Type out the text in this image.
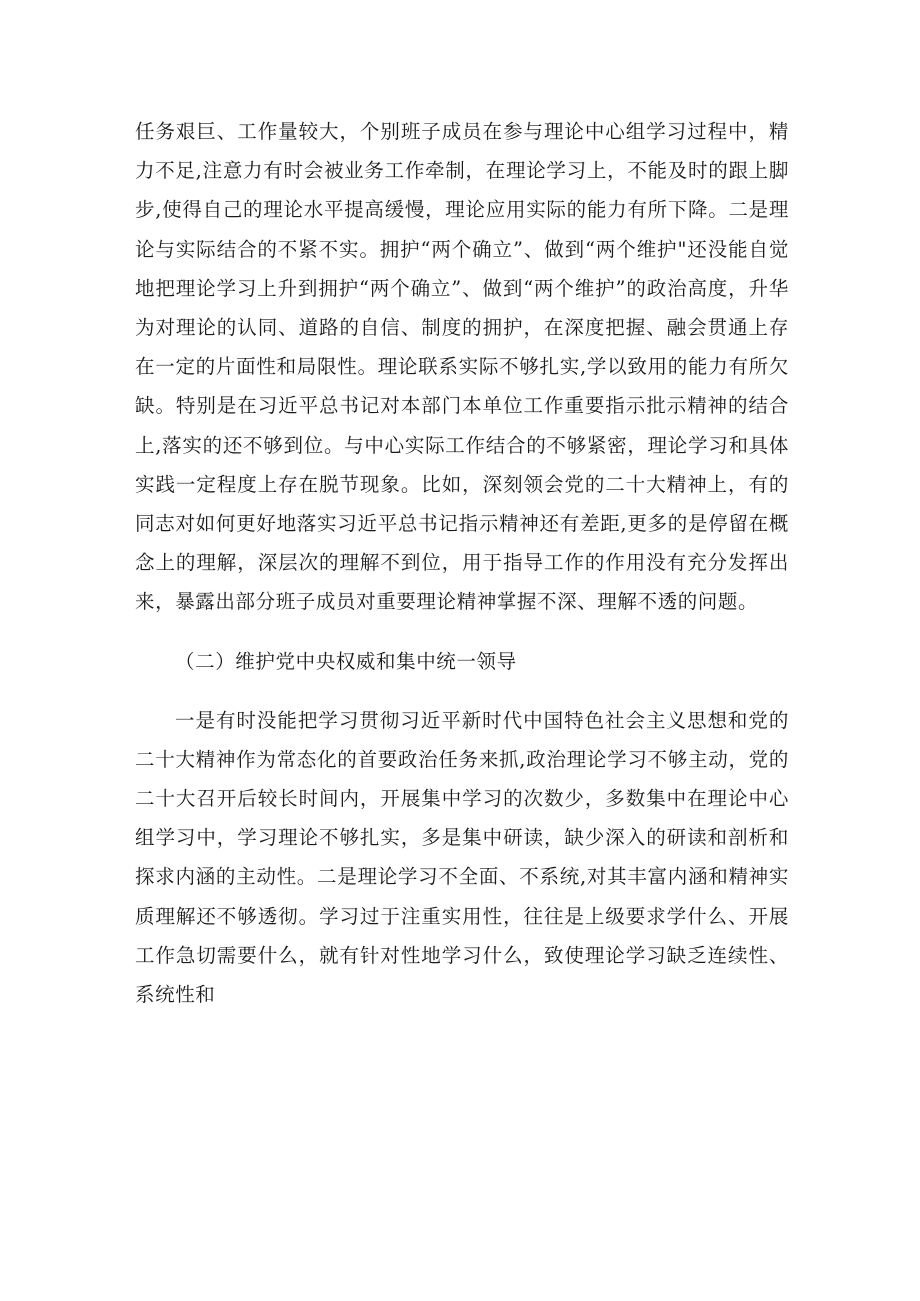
任务艰巨、工作量较大，个别班子成员在参与理论中心组学习过程中，精力不足,注意力有时会被业务工作牵制，在理论学习上，不能及时的跟上脚步,使得自己的理论水平提高缓慢，理论应用实际的能力有所下降。二是理论与实际结合的不紧不实。拥护“两个确立”、做到“两个维护"还没能自觉地把理论学习上升到拥护“两个确立”、做到“两个维护”的政治高度，升华为对理论的认同、道路的自信、制度的拥护，在深度把握、融会贯通上存在一定的片面性和局限性。理论联系实际不够扎实,学以致用的能力有所欠缺。特别是在习近平总书记对本部门本单位工作重要指示批示精神的结合上,落实的还不够到位。与中心实际工作结合的不够紧密，理论学习和具体实践一定程度上存在脱节现象。比如，深刻领会党的二十大精神上，有的同志对如何更好地落实习近平总书记指示精神还有差距,更多的是停留在概念上的理解，深层次的理解不到位，用于指导工作的作用没有充分发挥出来，暴露出部分班子成员对重要理论精神掌握不深、理解不透的问题。

（二）维护党中央权威和集中统一领导

一是有时没能把学习贯彻习近平新时代中国特色社会主义思想和党的二十大精神作为常态化的首要政治任务来抓,政治理论学习不够主动，党的二十大召开后较长时间内，开展集中学习的次数少，多数集中在理论中心组学习中，学习理论不够扎实，多是集中研读，缺少深入的研读和剖析和探求内涵的主动性。二是理论学习不全面、不系统,对其丰富内涵和精神实质理解还不够透彻。学习过于注重实用性，往往是上级要求学什么、开展工作急切需要什么，就有针对性地学习什么，致使理论学习缺乏连续性、系统性和
